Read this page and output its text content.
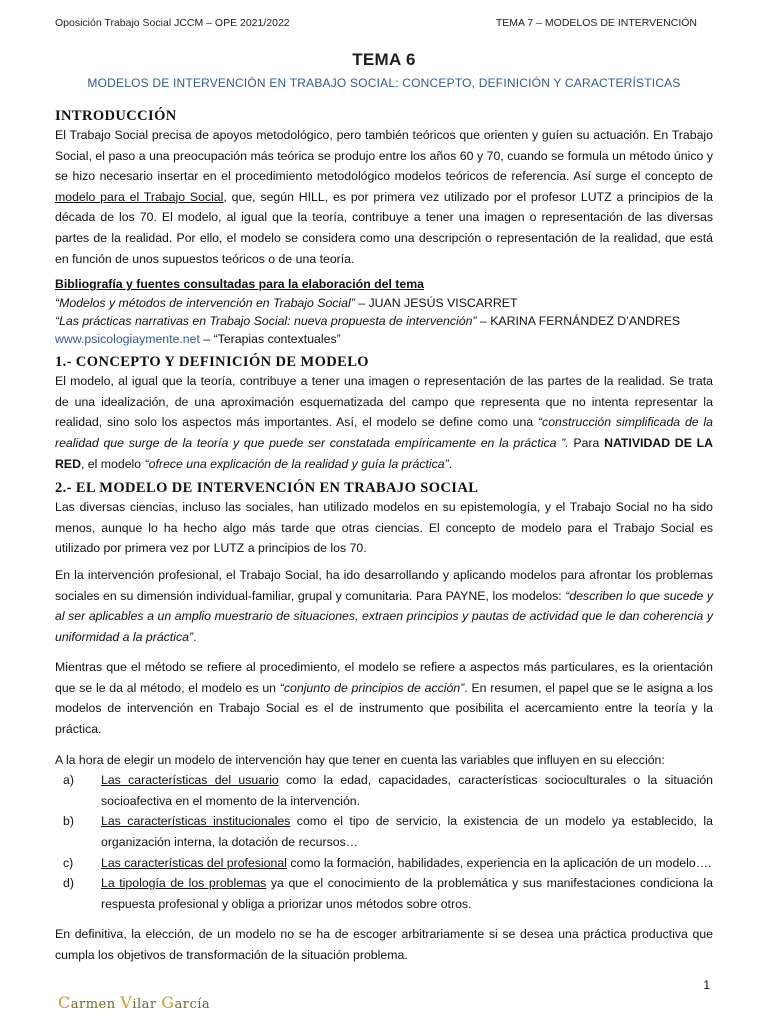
Oposición Trabajo Social JCCM – OPE 2021/2022	TEMA 7 – MODELOS DE INTERVENCIÓN
TEMA 6
MODELOS DE INTERVENCIÓN EN TRABAJO SOCIAL: CONCEPTO, DEFINICIÓN Y CARACTERÍSTICAS
INTRODUCCIÓN

El Trabajo Social precisa de apoyos metodológico, pero también teóricos que orienten y guíen su actuación. En Trabajo Social, el paso a una preocupación más teórica se produjo entre los años 60 y 70, cuando se formula un método único y se hizo necesario insertar en el procedimiento metodológico modelos teóricos de referencia. Así surge el concepto de modelo para el Trabajo Social, que, según HILL, es por primera vez utilizado por el profesor LUTZ a principios de la década de los 70. El modelo, al igual que la teoría, contribuye a tener una imagen o representación de las diversas partes de la realidad. Por ello, el modelo se considera como una descripción o representación de la realidad, que está en función de unos supuestos teóricos o de una teoría.

Bibliografía y fuentes consultadas para la elaboración del tema

“Modelos y métodos de intervención en Trabajo Social” – JUAN JESÚS VISCARRET

“Las prácticas narrativas en Trabajo Social: nueva propuesta de intervención” – KARINA FERNÁNDEZ D’ANDRES

www.psicologiaymente.net – “Terapias contextuales”

1.- CONCEPTO Y DEFINICIÓN DE MODELO

El modelo, al igual que la teoría, contribuye a tener una imagen o representación de las partes de la realidad. Se trata de una idealización, de una aproximación esquematizada del campo que representa que no intenta representar la realidad, sino solo los aspectos más importantes. Así, el modelo se define como una “construcción simplificada de la realidad que surge de la teoría y que puede ser constatada empíricamente en la práctica ”. Para NATIVIDAD DE LA RED, el modelo “ofrece una explicación de la realidad y guía la práctica”.

2.- EL MODELO DE INTERVENCIÓN EN TRABAJO SOCIAL

Las diversas ciencias, incluso las sociales, han utilizado modelos en su epistemología, y el Trabajo Social no ha sido menos, aunque lo ha hecho algo más tarde que otras ciencias. El concepto de modelo para el Trabajo Social es utilizado por primera vez por LUTZ a principios de los 70.

En la intervención profesional, el Trabajo Social, ha ido desarrollando y aplicando modelos para afrontar los problemas sociales en su dimensión individual-familiar, grupal y comunitaria. Para PAYNE, los modelos: “describen lo que sucede y al ser aplicables a un amplio muestrario de situaciones, extraen principios y pautas de actividad que le dan coherencia y uniformidad a la práctica”.

Mientras que el método se refiere al procedimiento, el modelo se refiere a aspectos más particulares, es la orientación que se le da al método, el modelo es un “conjunto de principios de acción”. En resumen, el papel que se le asigna a los modelos de intervención en Trabajo Social es el de instrumento que posibilita el acercamiento entre la teoría y la práctica.

A la hora de elegir un modelo de intervención hay que tener en cuenta las variables que influyen en su elección:

a) Las características del usuario como la edad, capacidades, características socioculturales o la situación socioafectiva en el momento de la intervención.
b) Las características institucionales como el tipo de servicio, la existencia de un modelo ya establecido, la organización interna, la dotación de recursos…
c) Las características del profesional como la formación, habilidades, experiencia en la aplicación de un modelo….
d) La tipología de los problemas ya que el conocimiento de la problemática y sus manifestaciones condiciona la respuesta profesional y obliga a priorizar unos métodos sobre otros.

En definitiva, la elección, de un modelo no se ha de escoger arbitrariamente si se desea una práctica productiva que cumpla los objetivos de transformación de la situación problema.

Carmen Vilar García
1
